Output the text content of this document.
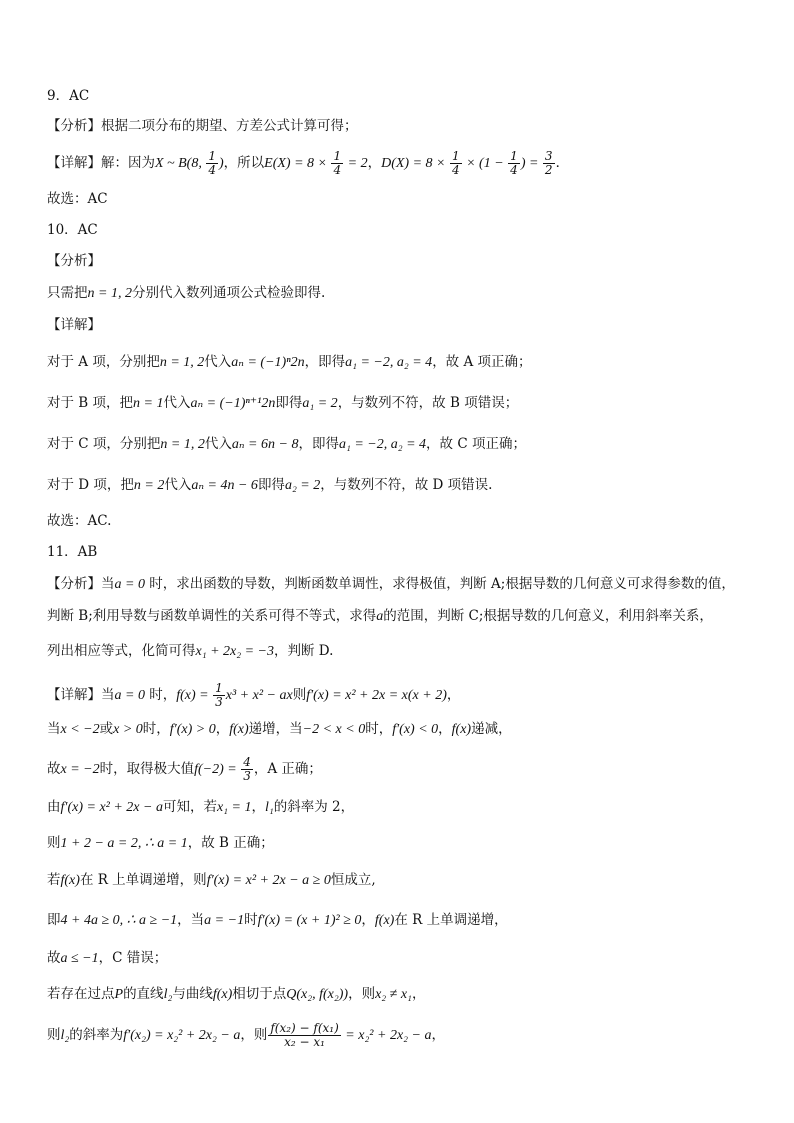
9．AC
【分析】根据二项分布的期望、方差公式计算可得；
【详解】解：因为X ~ B(8, $\frac{1}{4}$ )，所以$E(X) = 8 \times \frac{1}{4} = 2$，$D(X) = 8 \times \frac{1}{4} \times (1 - \frac{1}{4}$ ) = $\frac{3}{2}$ ．
故选：AC
10．AC
【分析】
只需把n = 1, 2分别代入数列通项公式检验即得.
【详解】
对于 A 项，分别把n = 1, 2代入aₙ = (−1)ⁿ2n，即得a₁ = −2, a₂ = 4，故 A 项正确；
对于 B 项，把n = 1代入aₙ = (−1)ⁿ⁺¹2n即得a₁ = 2，与数列不符，故 B 项错误；
对于 C 项，分别把n = 1, 2代入aₙ = 6n − 8，即得a₁ = −2, a₂ = 4，故 C 项正确；
对于 D 项，把n = 2代入aₙ = 4n − 6即得a₂ = 2，与数列不符，故 D 项错误.
故选：AC.
11．AB
【分析】当a = 0 时，求出函数的导数，判断函数单调性，求得极值，判断 A;根据导数的几何意义可求得参数的值，
判断 B;利用导数与函数单调性的关系可得不等式，求得a的范围，判断 C;根据导数的几何意义，利用斜率关系，
列出相应等式，化简可得x₁ + 2x₂ = −3，判断 D.
【详解】当a = 0 时，$f(x) = \frac{1}{3} x^3 + x^2$ − ax则f′(x) = x² + 2x = x(x + 2)，
当x < −2或x > 0时，f′(x) > 0，f(x)递增，当−2 < x < 0时，f′(x) < 0，f(x)递减，
故x = −2时，取得极大值$f(-2) = \frac{4}{3}$ ，A 正确；
由f′(x) = x² + 2x − a可知，若x₁ = 1，l₁的斜率为 2，
则1 + 2 − a = 2, ∴ a = 1，故 B 正确；
若f(x)在 R 上单调递增，则f′(x) = x² + 2x − a ≥ 0恒成立,
即4 + 4a ≥ 0, ∴ a ≥ −1，当a = −1时f′(x) = (x + 1)² ≥ 0，f(x)在 R 上单调递增，
故a ≤ −1，C 错误；
若存在过点P的直线l₂与曲线f(x)相切于点Q(x₂, f(x₂))，则x₂ ≠ x₁，
则l₂的斜率为f′(x₂) = x₂² + 2x₂ − a，则 $\frac{\text{f(x₂) − f(x₁)}}{\text{x₂ − x₁}} = x_2^2 + 2x_2 - a$，
